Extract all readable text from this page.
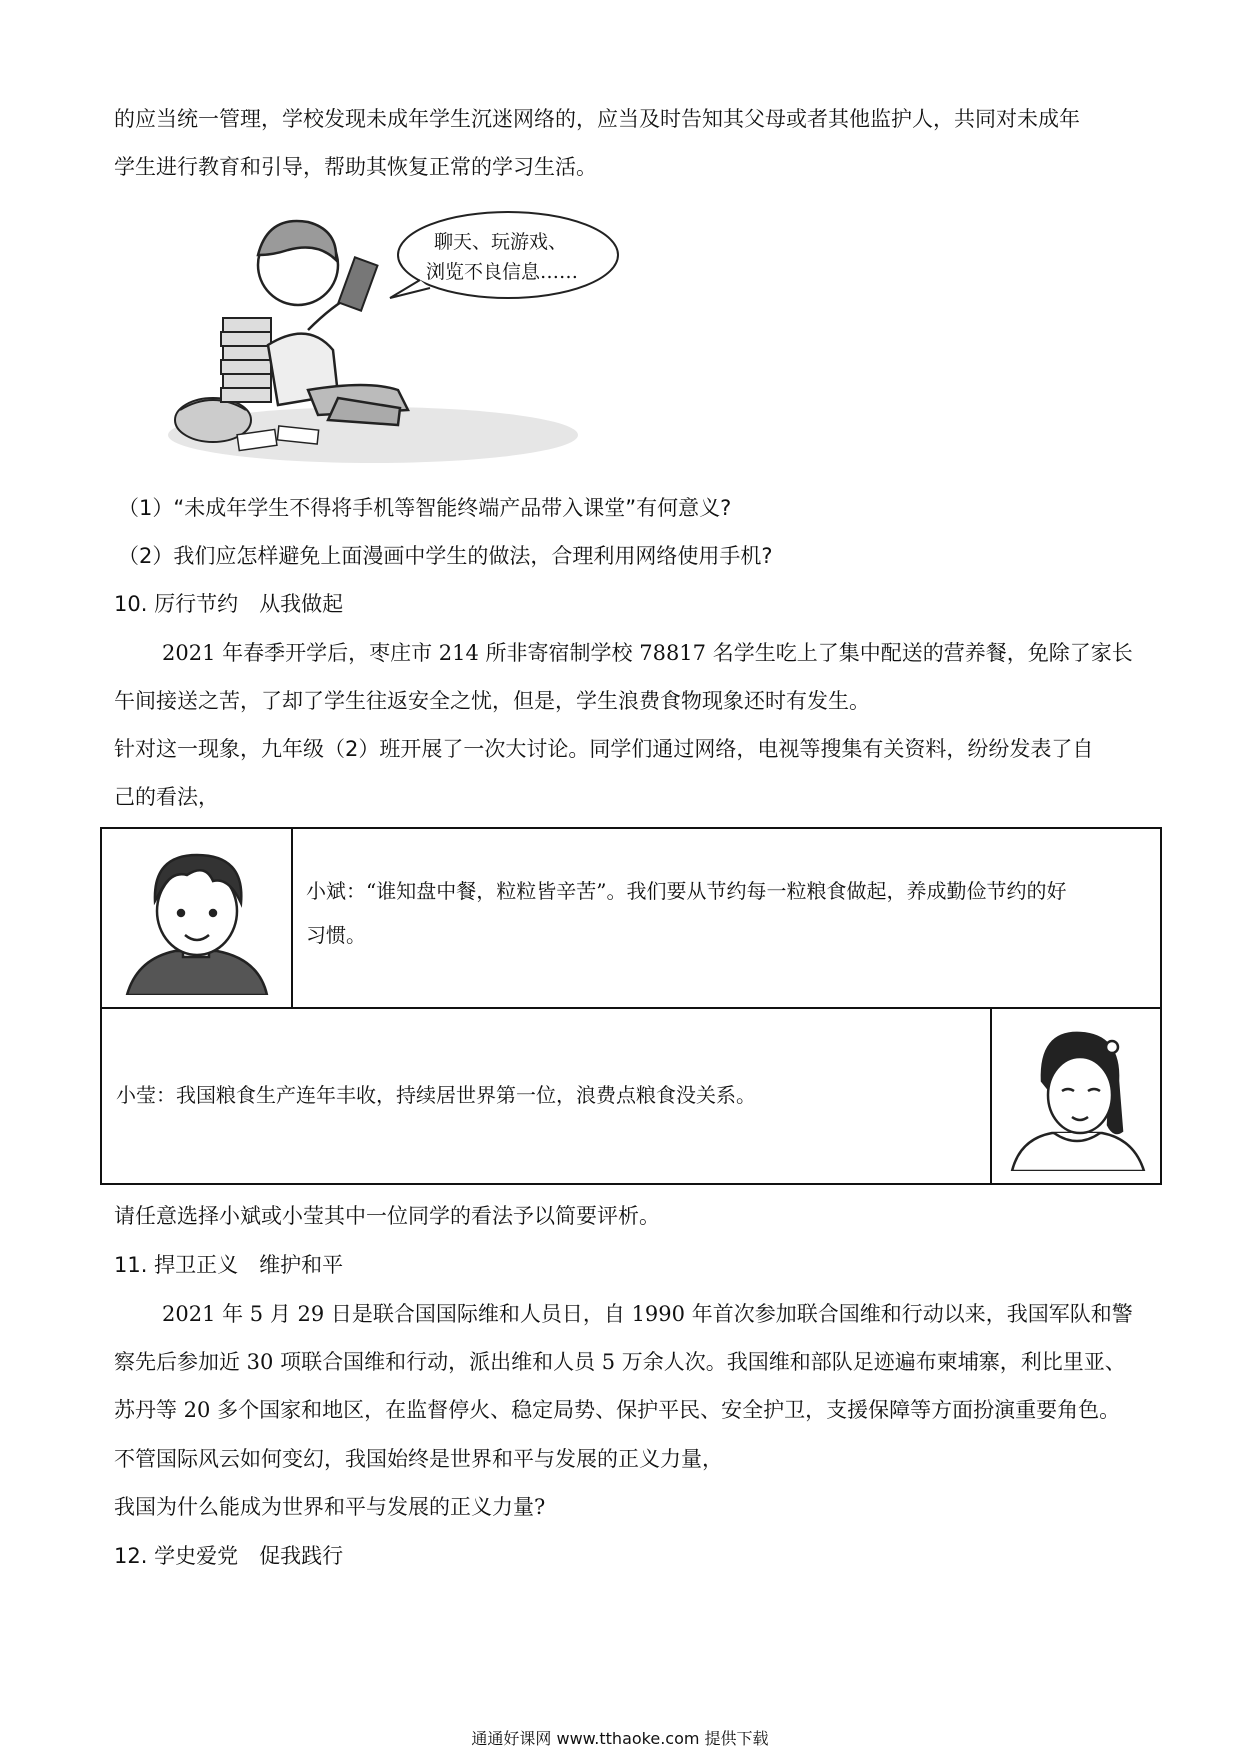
的应当统一管理，学校发现未成年学生沉迷网络的，应当及时告知其父母或者其他监护人，共同对未成年
学生进行教育和引导，帮助其恢复正常的学习生活。
聊天、玩游戏、
浏览不良信息……
（1）“未成年学生不得将手机等智能终端产品带入课堂”有何意义?
（2）我们应怎样避免上面漫画中学生的做法，合理利用网络使用手机?
10. 厉行节约　从我做起
2021 年春季开学后，枣庄市 214 所非寄宿制学校 78817 名学生吃上了集中配送的营养餐，免除了家长
午间接送之苦，了却了学生往返安全之忧，但是，学生浪费食物现象还时有发生。
针对这一现象，九年级（2）班开展了一次大讨论。同学们通过网络，电视等搜集有关资料，纷纷发表了自
己的看法，
小斌：“谁知盘中餐，粒粒皆辛苦”。我们要从节约每一粒粮食做起，养成勤俭节约的好
习惯。
小莹：我国粮食生产连年丰收，持续居世界第一位，浪费点粮食没关系。
请任意选择小斌或小莹其中一位同学的看法予以简要评析。
11. 捍卫正义　维护和平
2021 年 5 月 29 日是联合国国际维和人员日，自 1990 年首次参加联合国维和行动以来，我国军队和警
察先后参加近 30 项联合国维和行动，派出维和人员 5 万余人次。我国维和部队足迹遍布柬埔寨，利比里亚、
苏丹等 20 多个国家和地区，在监督停火、稳定局势、保护平民、安全护卫，支援保障等方面扮演重要角色。
不管国际风云如何变幻，我国始终是世界和平与发展的正义力量，
我国为什么能成为世界和平与发展的正义力量?
12. 学史爱党　促我践行
通通好课网 www.tthaoke.com 提供下载
